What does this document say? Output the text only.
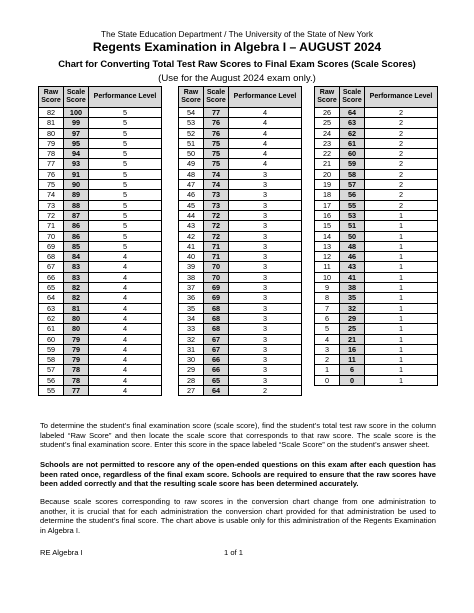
The State Education Department / The University of the State of New York
Regents Examination in Algebra I – AUGUST 2024
Chart for Converting Total Test Raw Scores to Final Exam Scores (Scale Scores)
(Use for the August 2024 exam only.)
Raw Score	Scale Score	Performance Level
82	100	5
81	99	5
80	97	5
79	95	5
78	94	5
77	93	5
76	91	5
75	90	5
74	89	5
73	88	5
72	87	5
71	86	5
70	86	5
69	85	5
68	84	4
67	83	4
66	83	4
65	82	4
64	82	4
63	81	4
62	80	4
61	80	4
60	79	4
59	79	4
58	79	4
57	78	4
56	78	4
55	77	4
Raw Score	Scale Score	Performance Level
54	77	4
53	76	4
52	76	4
51	75	4
50	75	4
49	75	4
48	74	3
47	74	3
46	73	3
45	73	3
44	72	3
43	72	3
42	72	3
41	71	3
40	71	3
39	70	3
38	70	3
37	69	3
36	69	3
35	68	3
34	68	3
33	68	3
32	67	3
31	67	3
30	66	3
29	66	3
28	65	3
27	64	2
Raw Score	Scale Score	Performance Level
26	64	2
25	63	2
24	62	2
23	61	2
22	60	2
21	59	2
20	58	2
19	57	2
18	56	2
17	55	2
16	53	1
15	51	1
14	50	1
13	48	1
12	46	1
11	43	1
10	41	1
9	38	1
8	35	1
7	32	1
6	29	1
5	25	1
4	21	1
3	16	1
2	11	1
1	6	1
0	0	1
To determine the student’s final examination score (scale score), find the student’s total test raw score in the column labeled “Raw Score” and then locate the scale score that corresponds to that raw score. The scale score is the student’s final examination score. Enter this score in the space labeled “Scale Score” on the student’s answer sheet.
Schools are not permitted to rescore any of the open-ended questions on this exam after each question has been rated once, regardless of the final exam score. Schools are required to ensure that the raw scores have been added correctly and that the resulting scale score has been determined accurately.
Because scale scores corresponding to raw scores in the conversion chart change from one administration to another, it is crucial that for each administration the conversion chart provided for that administration be used to determine the student’s final score. The chart above is usable only for this administration of the Regents Examination in Algebra I.
RE Algebra I	1 of 1
